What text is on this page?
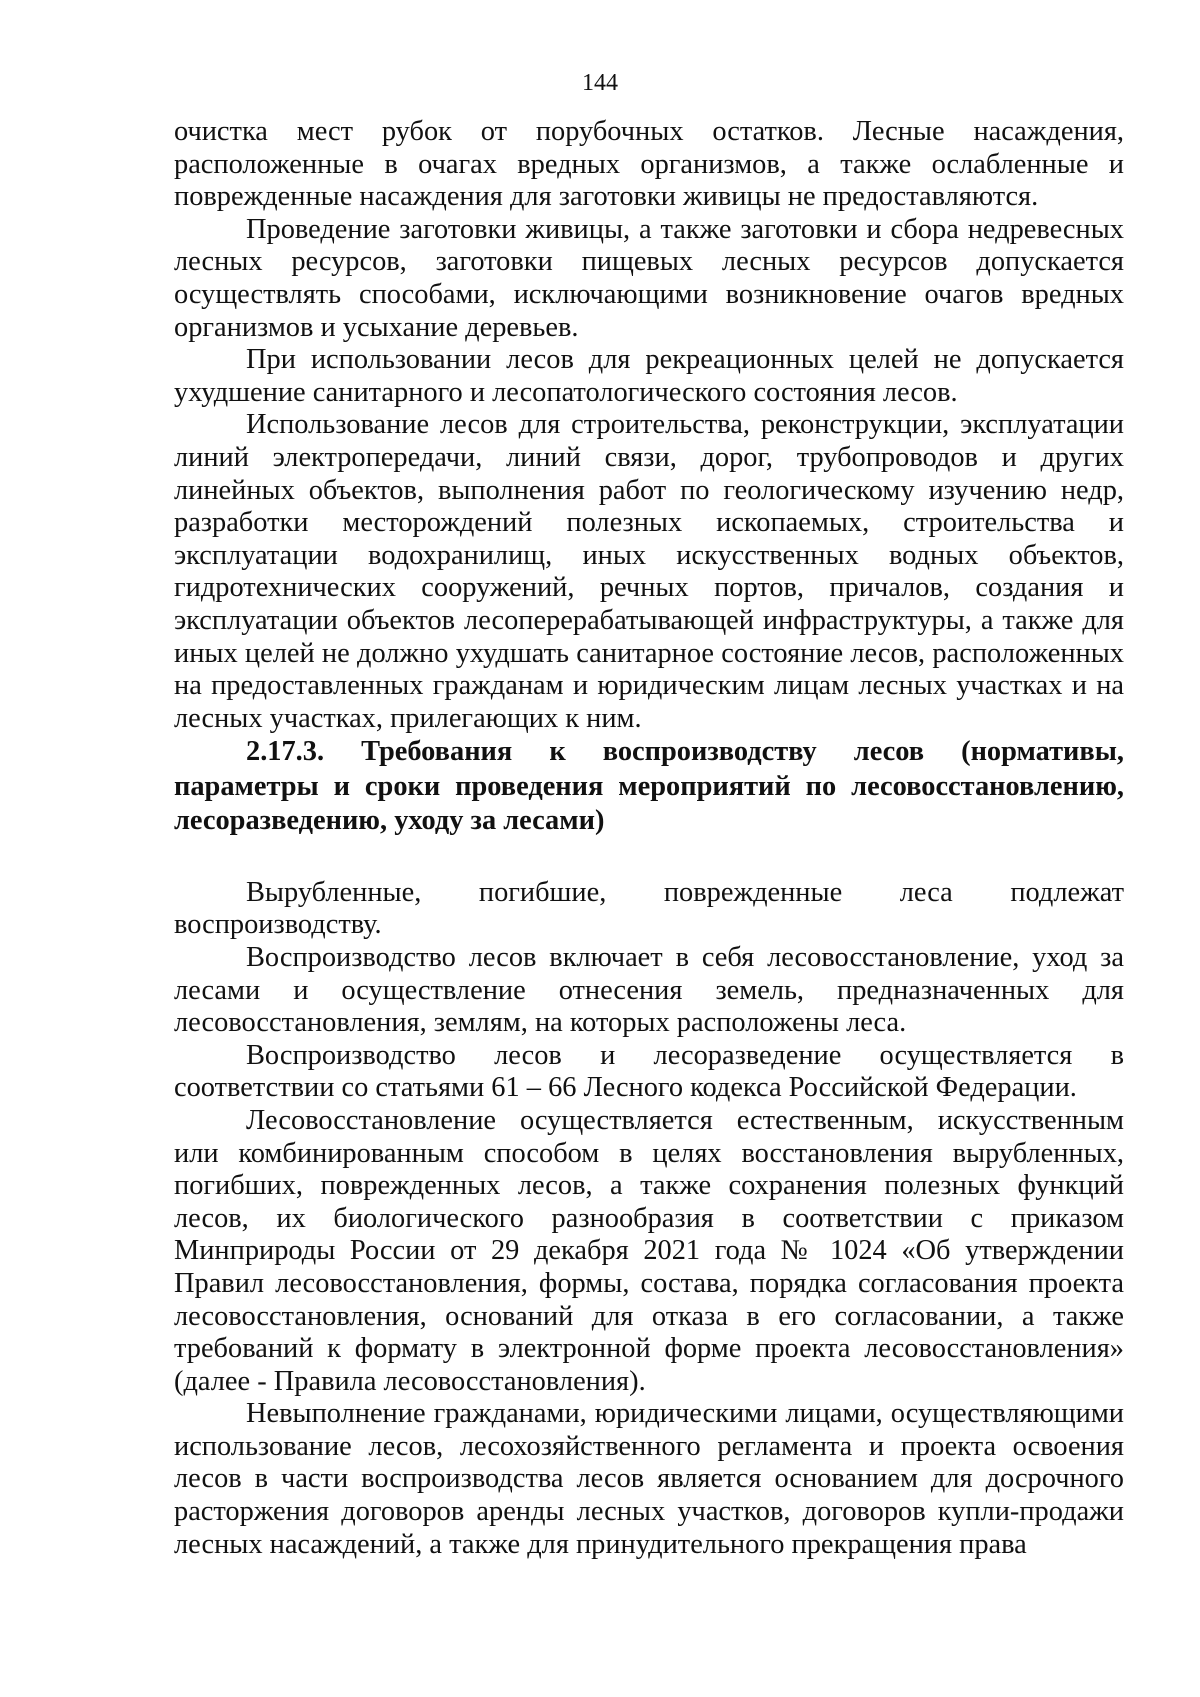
144

очистка мест рубок от порубочных остатков. Лесные насаждения, расположенные в очагах вредных организмов, а также ослабленные и поврежденные насаждения для заготовки живицы не предоставляются.

Проведение заготовки живицы, а также заготовки и сбора недревесных лесных ресурсов, заготовки пищевых лесных ресурсов допускается осуществлять способами, исключающими возникновение очагов вредных организмов и усыхание деревьев.

При использовании лесов для рекреационных целей не допускается ухудшение санитарного и лесопатологического состояния лесов.

Использование лесов для строительства, реконструкции, эксплуатации линий электропередачи, линий связи, дорог, трубопроводов и других линейных объектов, выполнения работ по геологическому изучению недр, разработки месторождений полезных ископаемых, строительства и эксплуатации водохранилищ, иных искусственных водных объектов, гидротехнических сооружений, речных портов, причалов, создания и эксплуатации объектов лесоперерабатывающей инфраструктуры, а также для иных целей не должно ухудшать санитарное состояние лесов, расположенных на предоставленных гражданам и юридическим лицам лесных участках и на лесных участках, прилегающих к ним.

2.17.3. Требования к воспроизводству лесов (нормативы, параметры и сроки проведения мероприятий по лесовосстановлению, лесоразведению, уходу за лесами)

Вырубленные, погибшие, поврежденные леса подлежат воспроизводству.

Воспроизводство лесов включает в себя лесовосстановление, уход за лесами и осуществление отнесения земель, предназначенных для лесовосстановления, землям, на которых расположены леса.

Воспроизводство лесов и лесоразведение осуществляется в соответствии со статьями 61 – 66 Лесного кодекса Российской Федерации.

Лесовосстановление осуществляется естественным, искусственным или комбинированным способом в целях восстановления вырубленных, погибших, поврежденных лесов, а также сохранения полезных функций лесов, их биологического разнообразия в соответствии с приказом Минприроды России от 29 декабря 2021 года № 1024 «Об утверждении Правил лесовосстановления, формы, состава, порядка согласования проекта лесовосстановления, оснований для отказа в его согласовании, а также требований к формату в электронной форме проекта лесовосстановления» (далее - Правила лесовосстановления).

Невыполнение гражданами, юридическими лицами, осуществляющими использование лесов, лесохозяйственного регламента и проекта освоения лесов в части воспроизводства лесов является основанием для досрочного расторжения договоров аренды лесных участков, договоров купли-продажи лесных насаждений, а также для принудительного прекращения права
